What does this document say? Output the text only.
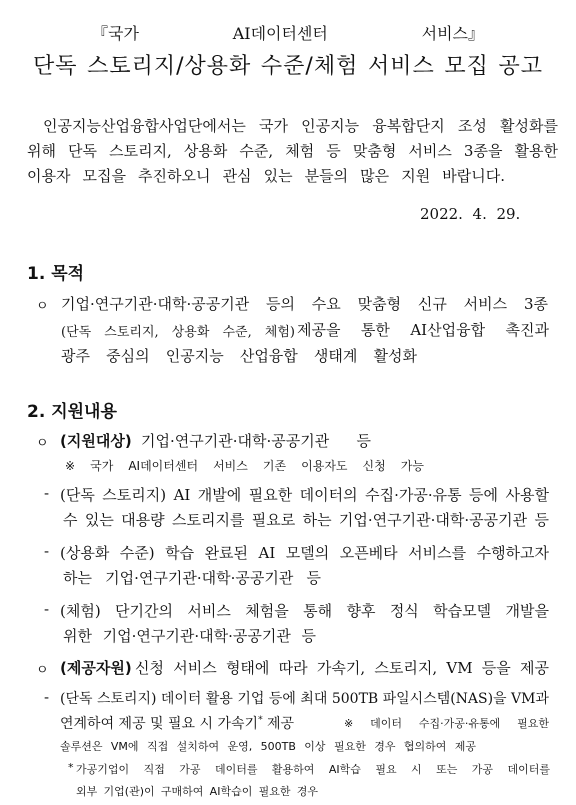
『국가 AI데이터센터 서비스』
단독 스토리지/상용화 수준/체험 서비스 모집 공고
인공지능산업융합사업단에서는 국가 인공지능 융복합단지 조성 활성화를
위해 단독 스토리지, 상용화 수준, 체험 등 맞춤형 서비스 3종을 활용한
이용자 모집을 추진하오니 관심 있는 분들의 많은 지원 바랍니다.
2022. 4. 29.
1. 목적
ㅇ 기업·연구기관·대학·공공기관 등의 수요 맞춤형 신규 서비스 3종
(단독 스토리지, 상용화 수준, 체험) 제공을 통한 AI산업융합 촉진과
광주 중심의 인공지능 산업융합 생태계 활성화
2. 지원내용
ㅇ (지원대상) 기업·연구기관·대학·공공기관 등
※ 국가 AI데이터센터 서비스 기존 이용자도 신청 가능
- (단독 스토리지) AI 개발에 필요한 데이터의 수집·가공·유통 등에 사용할
수 있는 대용량 스토리지를 필요로 하는 기업·연구기관·대학·공공기관 등
- (상용화 수준) 학습 완료된 AI 모델의 오픈베타 서비스를 수행하고자
하는 기업·연구기관·대학·공공기관 등
- (체험) 단기간의 서비스 체험을 통해 향후 정식 학습모델 개발을
위한 기업·연구기관·대학·공공기관 등
ㅇ (제공자원) 신청 서비스 형태에 따라 가속기, 스토리지, VM 등을 제공
- (단독 스토리지) 데이터 활용 기업 등에 최대 500TB 파일시스템(NAS)을 VM과
연계하여 제공 및 필요 시 가속기* 제공	※ 데이터 수집·가공·유통에 필요한
솔루션은 VM에 직접 설치하여 운영, 500TB 이상 필요한 경우 협의하여 제공
* 가공기업이 직접 가공 데이터를 활용하여 AI학습 필요 시 또는 가공 데이터를
외부 기업(관)이 구매하여 AI학습이 필요한 경우
